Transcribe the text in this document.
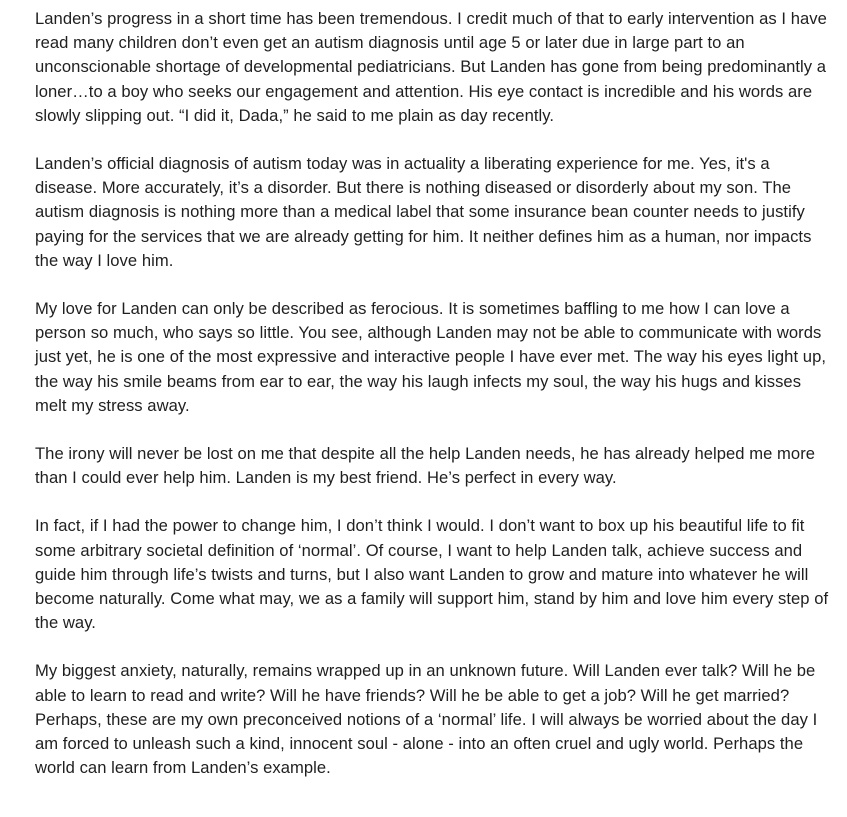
Landen’s progress in a short time has been tremendous. I credit much of that to early intervention as I have read many children don’t even get an autism diagnosis until age 5 or later due in large part to an unconscionable shortage of developmental pediatricians. But Landen has gone from being predominantly a loner…to a boy who seeks our engagement and attention. His eye contact is incredible and his words are slowly slipping out. “I did it, Dada,” he said to me plain as day recently.

Landen’s official diagnosis of autism today was in actuality a liberating experience for me. Yes, it's a disease. More accurately, it’s a disorder. But there is nothing diseased or disorderly about my son. The autism diagnosis is nothing more than a medical label that some insurance bean counter needs to justify paying for the services that we are already getting for him. It neither defines him as a human, nor impacts the way I love him.

My love for Landen can only be described as ferocious. It is sometimes baffling to me how I can love a person so much, who says so little. You see, although Landen may not be able to communicate with words just yet, he is one of the most expressive and interactive people I have ever met. The way his eyes light up, the way his smile beams from ear to ear, the way his laugh infects my soul, the way his hugs and kisses melt my stress away.

The irony will never be lost on me that despite all the help Landen needs, he has already helped me more than I could ever help him. Landen is my best friend. He’s perfect in every way.

In fact, if I had the power to change him, I don’t think I would. I don’t want to box up his beautiful life to fit some arbitrary societal definition of ‘normal’. Of course, I want to help Landen talk, achieve success and guide him through life’s twists and turns, but I also want Landen to grow and mature into whatever he will become naturally. Come what may, we as a family will support him, stand by him and love him every step of the way.

My biggest anxiety, naturally, remains wrapped up in an unknown future. Will Landen ever talk? Will he be able to learn to read and write? Will he have friends? Will he be able to get a job? Will he get married? Perhaps, these are my own preconceived notions of a ‘normal’ life. I will always be worried about the day I am forced to unleash such a kind, innocent soul - alone - into an often cruel and ugly world. Perhaps the world can learn from Landen’s example.
